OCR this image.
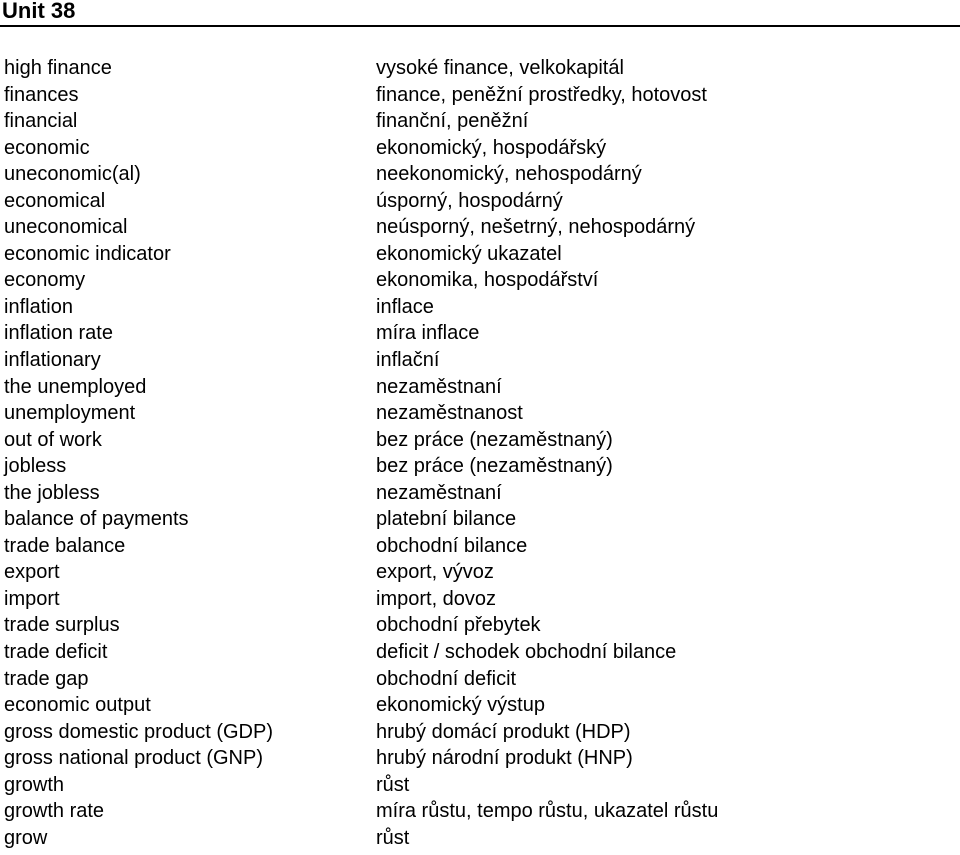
Unit 38
high finance	vysoké finance, velkokapitál
finances	finance, peněžní prostředky, hotovost
financial	finanční, peněžní
economic	ekonomický, hospodářský
uneconomic(al)	neekonomický, nehospodárný
economical	úsporný, hospodárný
uneconomical	neúsporný, nešetrný, nehospodárný
economic indicator	ekonomický ukazatel
economy	ekonomika, hospodářství
inflation	inflace
inflation rate	míra inflace
inflationary	inflační
the unemployed	nezaměstnaní
unemployment	nezaměstnanost
out of work	bez práce (nezaměstnaný)
jobless	bez práce (nezaměstnaný)
the jobless	nezaměstnaní
balance of payments	platební bilance
trade balance	obchodní bilance
export	export, vývoz
import	import, dovoz
trade surplus	obchodní přebytek
trade deficit	deficit / schodek obchodní bilance
trade gap	obchodní deficit
economic output	ekonomický výstup
gross domestic product (GDP)	hrubý domácí produkt (HDP)
gross national product (GNP)	hrubý národní produkt (HNP)
growth	růst
growth rate	míra růstu, tempo růstu, ukazatel růstu
grow	růst
